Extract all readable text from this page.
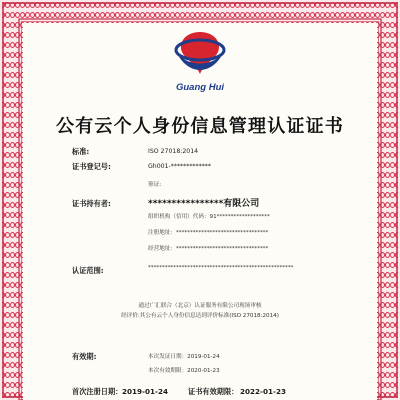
Guang Hui
公有云个人身份信息管理认证证书
标准:	ISO 27018:2014
证书登记号:	Gh001-*************
鉴证:
证书持有者:	****************有限公司
组织机构（信用）代码：91*******************
注册地址：*********************************
经营地址：*********************************
认证范围:	****************************************************
通过广汇联合（北京）认证服务有限公司现场审核
经评价:其公有云个人身份信息达到评价标准(ISO 27018:2014)
有效期:	本次发证日期：2019-01-24
本次有效期限：2020-01-23
首次注册日期： 2019-01-24	证书有效期限： 2022-01-23
